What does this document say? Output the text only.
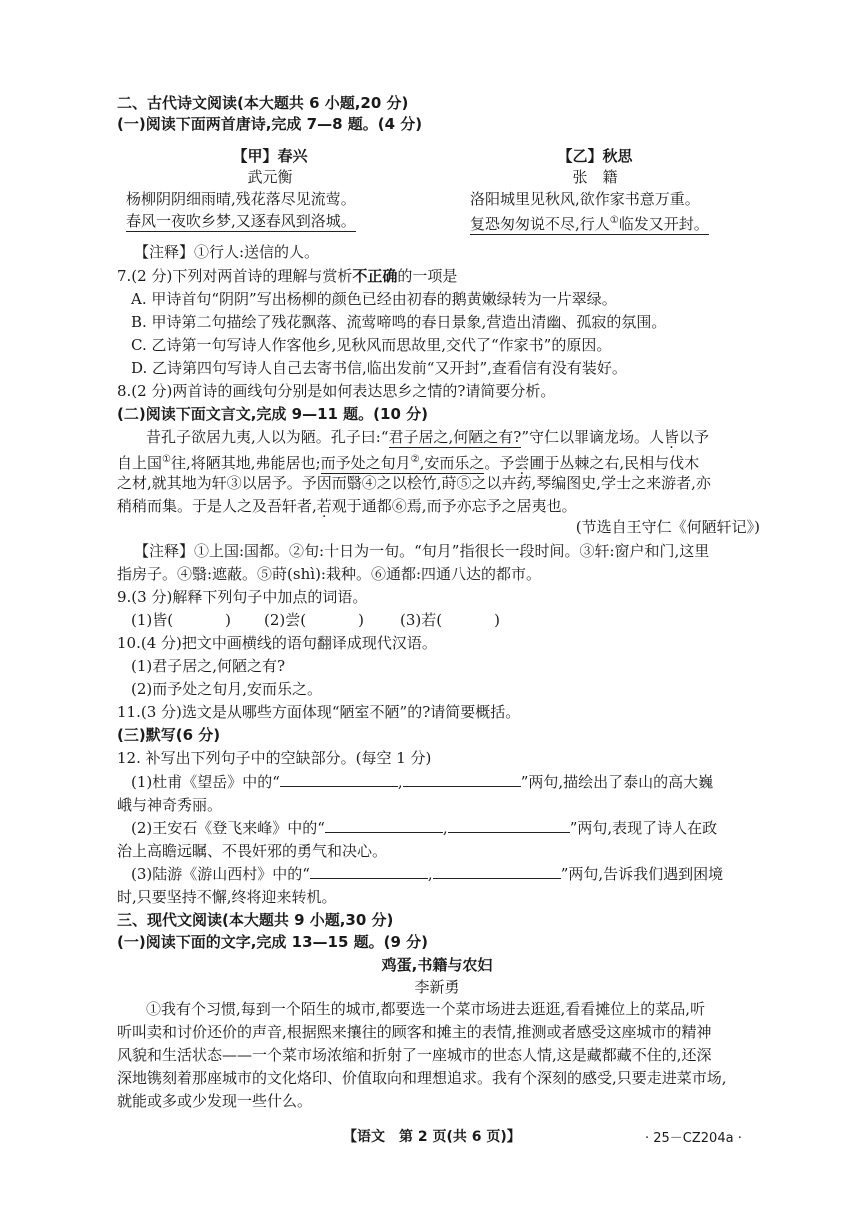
二、古代诗文阅读(本大题共 6 小题,20 分)
(一)阅读下面两首唐诗,完成 7—8 题。(4 分)
【甲】春兴
武元衡
杨柳阴阴细雨晴,残花落尽见流莺。
春风一夜吹乡梦,又逐春风到洛城。
【乙】秋思
张　籍
洛阳城里见秋风,欲作家书意万重。
复恐匆匆说不尽,行人①临发又开封。
【注释】①行人:送信的人。
7.(2 分)下列对两首诗的理解与赏析不正确的一项是
A. 甲诗首句“阴阴”写出杨柳的颜色已经由初春的鹅黄嫩绿转为一片翠绿。
B. 甲诗第二句描绘了残花飘落、流莺啼鸣的春日景象,营造出清幽、孤寂的氛围。
C. 乙诗第一句写诗人作客他乡,见秋风而思故里,交代了“作家书”的原因。
D. 乙诗第四句写诗人自己去寄书信,临出发前“又开封”,查看信有没有装好。
8.(2 分)两首诗的画线句分别是如何表达思乡之情的?请简要分析。
(二)阅读下面文言文,完成 9—11 题。(10 分)
昔孔子欲居九夷,人以为陋。孔子曰:“君子居之,何陋之有?”守仁以罪谪龙场。人皆以予
自上国①往,将陋其地,弗能居也;而予处之旬月②,安而乐之。予尝圃于丛棘之右,民相与伐木
之材,就其地为轩③以居予。予因而翳④之以桧竹,莳⑤之以卉药,琴编图史,学士之来游者,亦
稍稍而集。于是人之及吾轩者,若观于通都⑥焉,而予亦忘予之居夷也。
(节选自王守仁《何陋轩记》)
【注释】①上国:国都。②旬:十日为一旬。“旬月”指很长一段时间。③轩:窗户和门,这里
指房子。④翳:遮蔽。⑤莳(shì):栽种。⑥通都:四通八达的都市。
9.(3 分)解释下列句子中加点的词语。
(1)皆(	) (2)尝(	) (3)若(	)
10.(4 分)把文中画横线的语句翻译成现代汉语。
(1)君子居之,何陋之有?
(2)而予处之旬月,安而乐之。
11.(3 分)选文是从哪些方面体现“陋室不陋”的?请简要概括。
(三)默写(6 分)
12. 补写出下列句子中的空缺部分。(每空 1 分)
(1)杜甫《望岳》中的“	,	”两句,描绘出了泰山的高大巍
峨与神奇秀丽。
(2)王安石《登飞来峰》中的“	,	”两句,表现了诗人在政
治上高瞻远瞩、不畏奸邪的勇气和决心。
(3)陆游《游山西村》中的“	,	”两句,告诉我们遇到困境
时,只要坚持不懈,终将迎来转机。
三、现代文阅读(本大题共 9 小题,30 分)
(一)阅读下面的文字,完成 13—15 题。(9 分)
鸡蛋,书籍与农妇
李新勇
①我有个习惯,每到一个陌生的城市,都要选一个菜市场进去逛逛,看看摊位上的菜品,听
听叫卖和讨价还价的声音,根据熙来攘往的顾客和摊主的表情,推测或者感受这座城市的精神
风貌和生活状态——一个菜市场浓缩和折射了一座城市的世态人情,这是藏都藏不住的,还深
深地镌刻着那座城市的文化烙印、价值取向和理想追求。我有个深刻的感受,只要走进菜市场,
就能或多或少发现一些什么。
【语文　第 2 页(共 6 页)】	· 25－CZ204a ·
